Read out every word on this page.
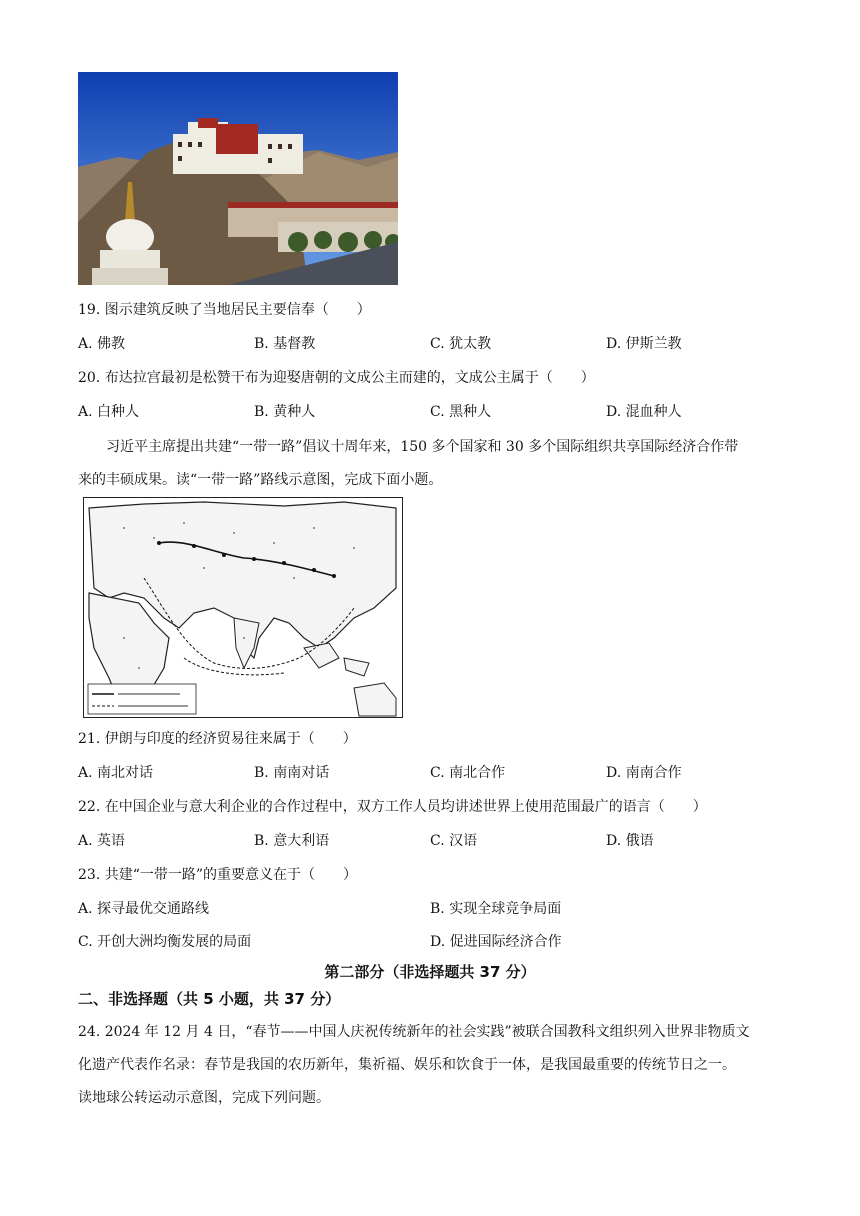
19. 图示建筑反映了当地居民主要信奉（　　）
A. 佛教	B. 基督教	C. 犹太教	D. 伊斯兰教
20. 布达拉宫最初是松赞干布为迎娶唐朝的文成公主而建的，文成公主属于（　　）
A. 白种人	B. 黄种人	C. 黑种人	D. 混血种人
习近平主席提出共建“一带一路”倡议十周年来，150 多个国家和 30 多个国际组织共享国际经济合作带
来的丰硕成果。读“一带一路”路线示意图，完成下面小题。
21. 伊朗与印度的经济贸易往来属于（　　）
A. 南北对话	B. 南南对话	C. 南北合作	D. 南南合作
22. 在中国企业与意大利企业的合作过程中，双方工作人员均讲述世界上使用范围最广的语言（　　）
A. 英语	B. 意大利语	C. 汉语	D. 俄语
23. 共建“一带一路”的重要意义在于（　　）
A. 探寻最优交通路线	B. 实现全球竞争局面
C. 开创大洲均衡发展的局面	D. 促进国际经济合作
第二部分（非选择题共 37 分）
二、非选择题（共 5 小题，共 37 分）
24. 2024 年 12 月 4 日，“春节——中国人庆祝传统新年的社会实践”被联合国教科文组织列入世界非物质文
化遗产代表作名录：春节是我国的农历新年，集祈福、娱乐和饮食于一体，是我国最重要的传统节日之一。
读地球公转运动示意图，完成下列问题。
